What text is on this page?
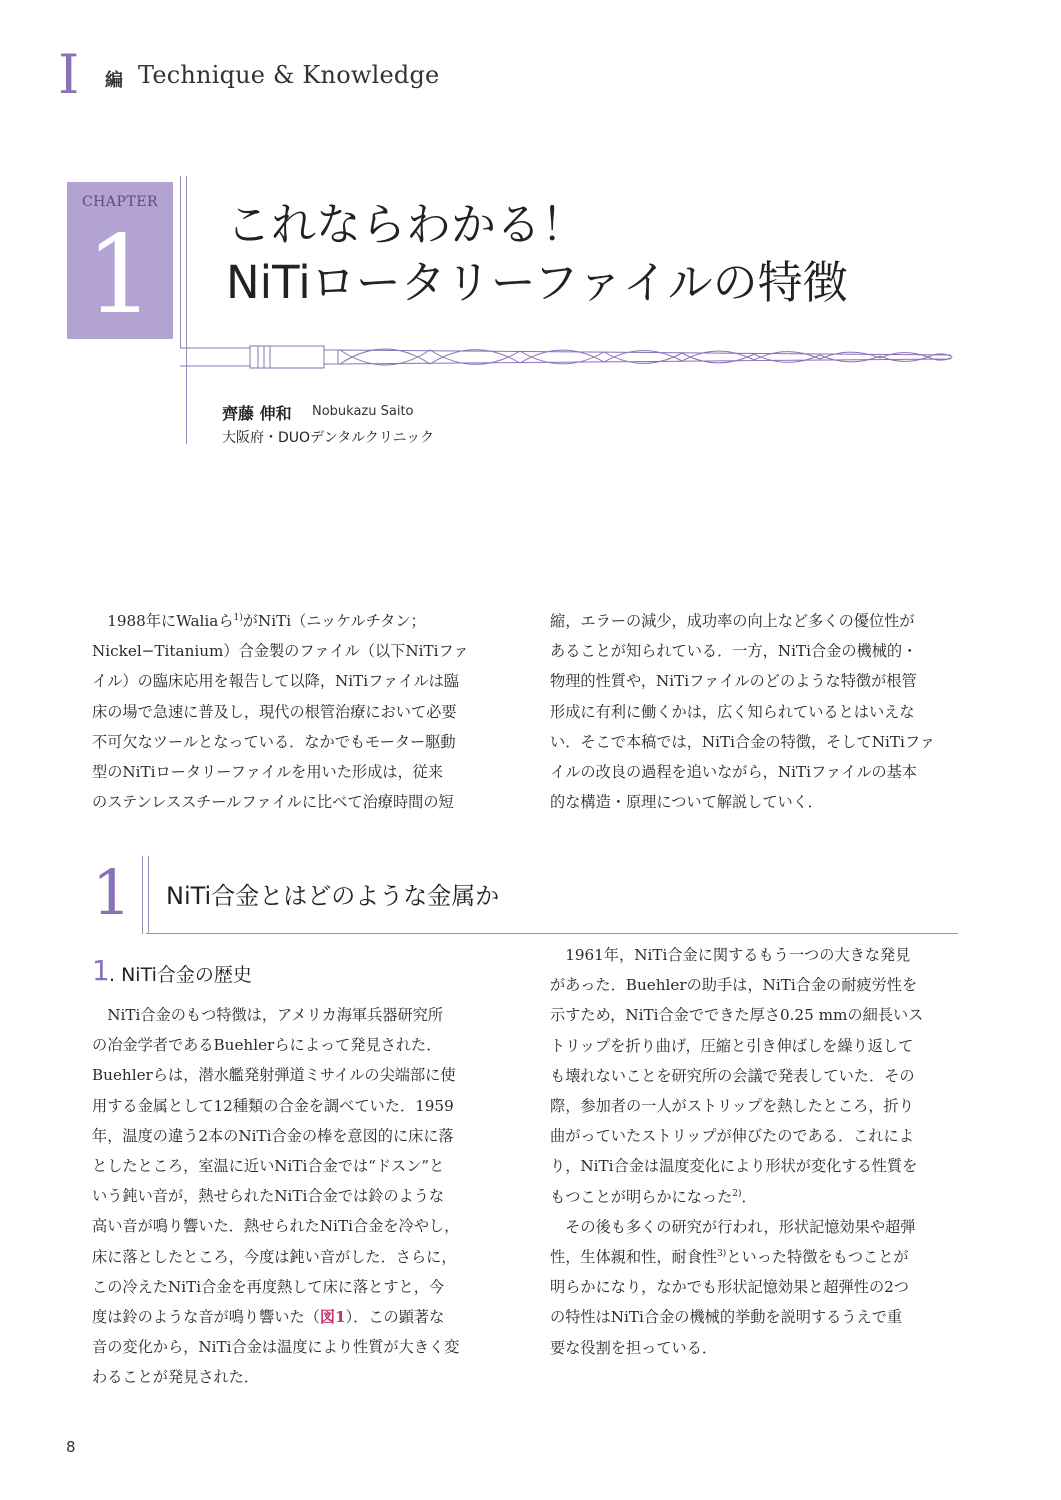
I 編 Technique & Knowledge
CHAPTER
1	これならわかる！
NiTiロータリーファイルの特徴
齊藤 伸和 Nobukazu Saito
大阪府・DUOデンタルクリニック
1988年にWaliaら$^{1)}$がNiTi（ニッケルチタン；
Nickel−Titanium）合金製のファイル（以下NiTiファ
イル）の臨床応用を報告して以降，NiTiファイルは臨
床の場で急速に普及し，現代の根管治療において必要
不可欠なツールとなっている．なかでもモーター駆動
型のNiTiロータリーファイルを用いた形成は，従来
のステンレススチールファイルに比べて治療時間の短
縮，エラーの減少，成功率の向上など多くの優位性が
あることが知られている．一方，NiTi合金の機械的・
物理的性質や，NiTiファイルのどのような特徴が根管
形成に有利に働くかは，広く知られているとはいえな
い．そこで本稿では，NiTi合金の特徴，そしてNiTiファ
イルの改良の過程を追いながら，NiTiファイルの基本
的な構造・原理について解説していく．
1 NiTi合金とはどのような金属か
1 . NiTi合金の歴史
NiTi合金のもつ特徴は，アメリカ海軍兵器研究所
の冶金学者であるBuehlerらによって発見された．
Buehlerらは，潜水艦発射弾道ミサイルの尖端部に使
用する金属として12種類の合金を調べていた．1959
年，温度の違う2本のNiTi合金の棒を意図的に床に落
としたところ，室温に近いNiTi合金では“ドスン”と
いう鈍い音が，熱せられたNiTi合金では鈴のような
高い音が鳴り響いた．熱せられたNiTi合金を冷やし，
床に落としたところ，今度は鈍い音がした．さらに，
この冷えたNiTi合金を再度熱して床に落とすと，今
度は鈴のような音が鳴り響いた（図1）．この顕著な
音の変化から，NiTi合金は温度により性質が大きく変
わることが発見された．
1961年，NiTi合金に関するもう一つの大きな発見
があった．Buehlerの助手は，NiTi合金の耐疲労性を
示すため，NiTi合金でできた厚さ0.25 mmの細長いス
トリップを折り曲げ，圧縮と引き伸ばしを繰り返して
も壊れないことを研究所の会議で発表していた．その
際，参加者の一人がストリップを熱したところ，折り
曲がっていたストリップが伸びたのである．これによ
り，NiTi合金は温度変化により形状が変化する性質を
もつことが明らかになった$^{2)}$．
その後も多くの研究が行われ，形状記憶効果や超弾
性，生体親和性，耐食性$^{3)}$といった特徴をもつことが
明らかになり，なかでも形状記憶効果と超弾性の2つ
の特性はNiTi合金の機械的挙動を説明するうえで重
要な役割を担っている．
8
